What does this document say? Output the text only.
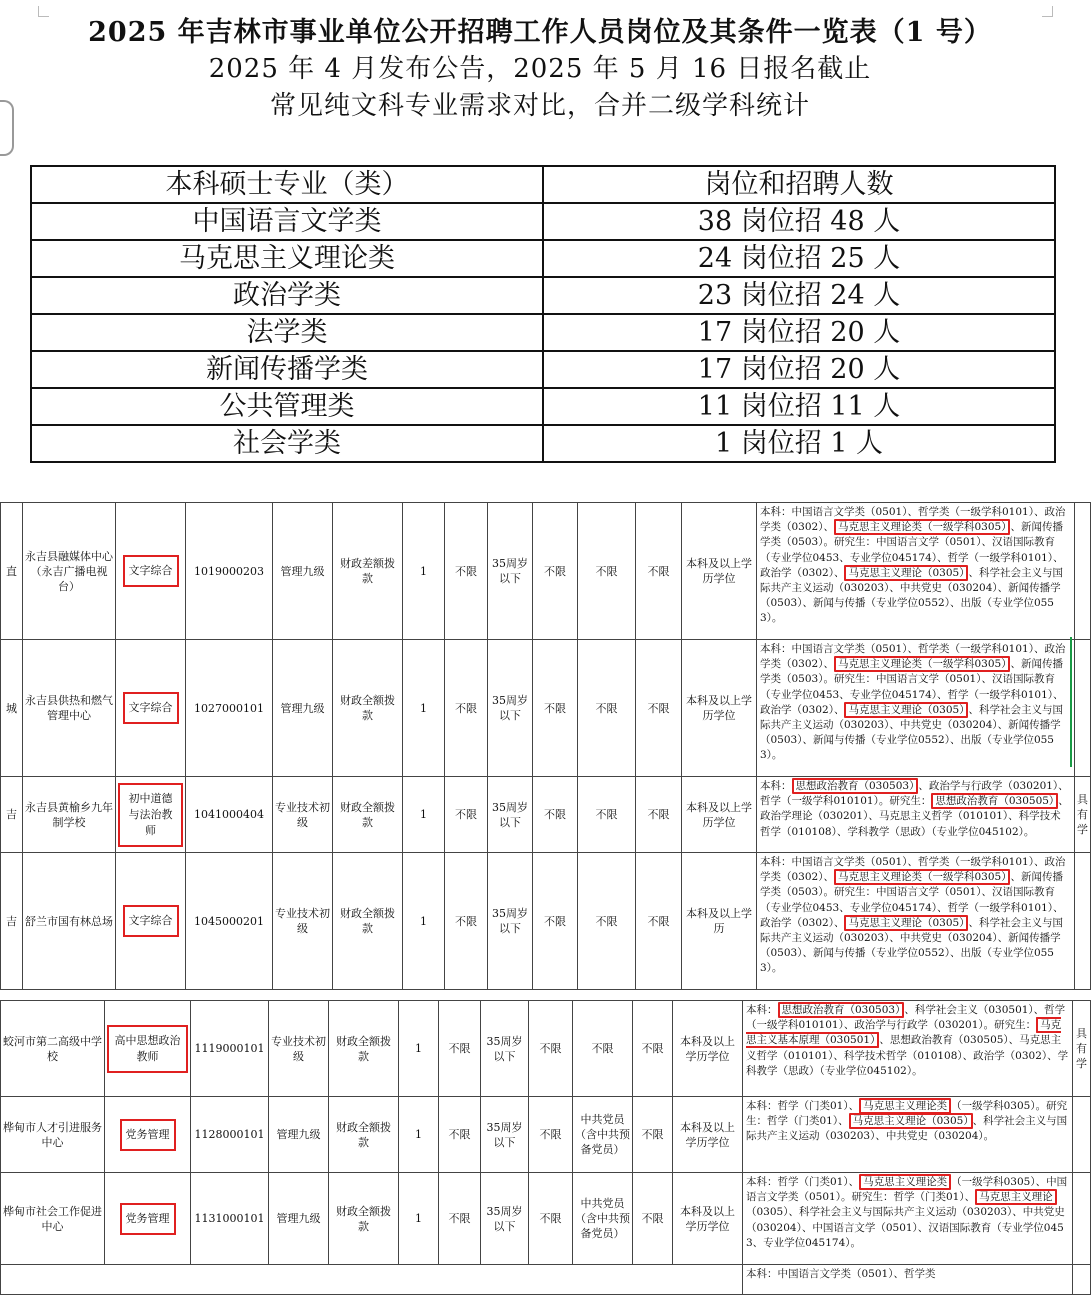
2025 年吉林市事业单位公开招聘工作人员岗位及其条件一览表（1 号）
2025 年 4 月发布公告，2025 年 5 月 16 日报名截止
常见纯文科专业需求对比，合并二级学科统计
本科硕士专业（类）	岗位和招聘人数
中国语言文学类	38 岗位招 48 人
马克思主义理论类	24 岗位招 25 人
政治学类	23 岗位招 24 人
法学类	17 岗位招 20 人
新闻传播学类	17 岗位招 20 人
公共管理类	11 岗位招 11 人
社会学类	1 岗位招 1 人
直	永吉县融媒体中心（永吉广播电视台）	文字综合	1019000203	管理九级	财政差额拨款	1	不限	35周岁以下	不限	不限	不限	本科及以上学历学位	本科：中国语言文学类（0501）、哲学类（一级学科0101）、政治学类（0302）、 马克思主义理论类（一级学科0305） 、新闻传播学类（0503）。研究生：中国语言文学（0501）、汉语国际教育（专业学位0453、专业学位045174）、哲学（一级学科0101）、政治学（0302）、 马克思主义理论（0305） 、科学社会主义与国际共产主义运动（030203）、中共党史（030204）、新闻传播学（0503）、新闻与传播（专业学位0552）、出版（专业学位0553）。	
城	永吉县供热和燃气管理中心	文字综合	1027000101	管理九级	财政全额拨款	1	不限	35周岁以下	不限	不限	不限	本科及以上学历学位	本科：中国语言文学类（0501）、哲学类（一级学科0101）、政治学类（0302）、 马克思主义理论类（一级学科0305） 、新闻传播学类（0503）。研究生：中国语言文学（0501）、汉语国际教育（专业学位0453、专业学位045174）、哲学（一级学科0101）、政治学（0302）、 马克思主义理论（0305） 、科学社会主义与国际共产主义运动（030203）、中共党史（030204）、新闻传播学（0503）、新闻与传播（专业学位0552）、出版（专业学位0553）。	
吉	永吉县黄榆乡九年制学校	初中道德与法治教师	1041000404	专业技术初级	财政全额拨款	1	不限	35周岁以下	不限	不限	不限	本科及以上学历学位	本科： 思想政治教育（030503） 、政治学与行政学（030201）、哲学（一级学科010101）。研究生： 思想政治教育（030505） 、政治学理论（030201）、马克思主义哲学（010101）、科学技术哲学（010108）、学科教学（思政）（专业学位045102）。	具有学
吉	舒兰市国有林总场	文字综合	1045000201	专业技术初级	财政全额拨款	1	不限	35周岁以下	不限	不限	不限	本科及以上学历	本科：中国语言文学类（0501）、哲学类（一级学科0101）、政治学类（0302）、 马克思主义理论类（一级学科0305） 、新闻传播学类（0503）。研究生：中国语言文学（0501）、汉语国际教育（专业学位0453、专业学位045174）、哲学（一级学科0101）、政治学（0302）、 马克思主义理论（0305） 、科学社会主义与国际共产主义运动（030203）、中共党史（030204）、新闻传播学（0503）、新闻与传播（专业学位0552）、出版（专业学位0553）。	
蛟河市第二高级中学校	高中思想政治教师	1119000101	专业技术初级	财政全额拨款	1	不限	35周岁以下	不限	不限	不限	本科及以上学历学位	本科： 思想政治教育（030503） 、科学社会主义（030501）、哲学（一级学科010101）、政治学与行政学（030201）。研究生： 马克思主义基本原理（030501） 、思想政治教育（030505）、马克思主义哲学（010101）、科学技术哲学（010108）、政治学（0302）、学科教学（思政）（专业学位045102）。	具有学
桦甸市人才引进服务中心	党务管理	1128000101	管理九级	财政全额拨款	1	不限	35周岁以下	不限	中共党员（含中共预备党员）	不限	本科及以上学历学位	本科：哲学（门类01）、 马克思主义理论类 （一级学科0305）。研究生：哲学（门类01）、 马克思主义理论（0305） 、科学社会主义与国际共产主义运动（030203）、中共党史（030204）。	
桦甸市社会工作促进中心	党务管理	1131000101	管理九级	财政全额拨款	1	不限	35周岁以下	不限	中共党员（含中共预备党员）	不限	本科及以上学历学位	本科：哲学（门类01）、 马克思主义理论类 （一级学科0305）、中国语言文学类（0501）。研究生：哲学（门类01）、 马克思主义理论（0305）、科学社会主义与国际共产主义运动（030203）、中共党史（030204）、中国语言文学（0501）、汉语国际教育（专业学位0453、专业学位045174）。	
												本科：中国语言文学类（0501）、哲学类	
